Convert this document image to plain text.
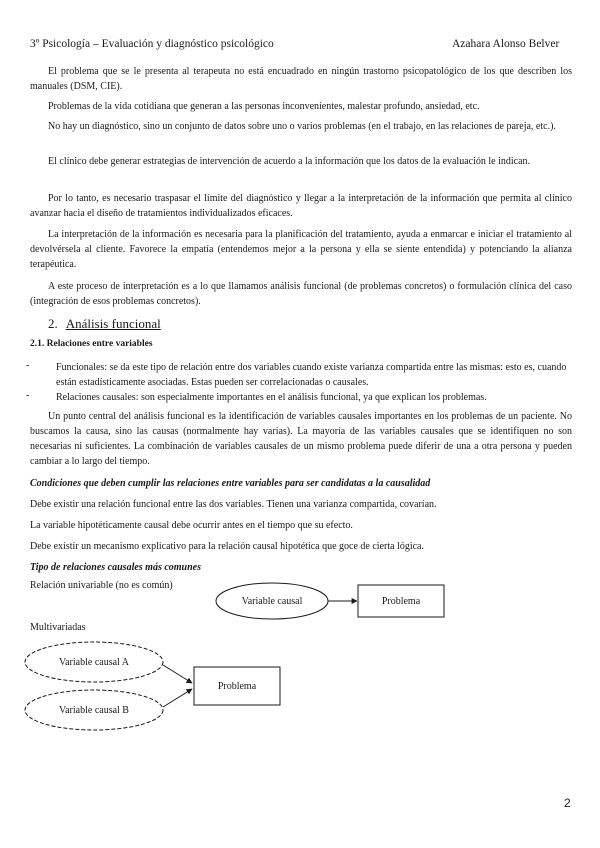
3º Psicología – Evaluación y diagnóstico psicológico	Azahara Alonso Belver

El problema que se le presenta al terapeuta no está encuadrado en ningún trastorno psicopatológico de los que describen los manuales (DSM, CIE).

Problemas de la vida cotidiana que generan a las personas inconvenientes, malestar profundo, ansiedad, etc.

No hay un diagnóstico, sino un conjunto de datos sobre uno o varios problemas (en el trabajo, en las relaciones de pareja, etc.).

El clínico debe generar estrategias de intervención de acuerdo a la información que los datos de la evaluación le indican.

Por lo tanto, es necesario traspasar el límite del diagnóstico y llegar a la interpretación de la información que permita al clínico avanzar hacia el diseño de tratamientos individualizados eficaces.

La interpretación de la información es necesaria para la planificación del tratamiento, ayuda a enmarcar e iniciar el tratamiento al devolvérsela al cliente. Favorece la empatía (entendemos mejor a la persona y ella se siente entendida) y potenciando la alianza terapéutica.

A este proceso de interpretación es a lo que llamamos análisis funcional (de problemas concretos) o formulación clínica del caso (integración de esos problemas concretos).

2. Análisis funcional
2.1. Relaciones entre variables
-	Funcionales: se da este tipo de relación entre dos variables cuando existe varianza compartida entre las mismas: esto es, cuando están estadísticamente asociadas. Estas pueden ser correlacionadas o causales.

-	Relaciones causales: son especialmente importantes en el análisis funcional, ya que explican los problemas.

Un punto central del análisis funcional es la identificación de variables causales importantes en los problemas de un paciente. No buscamos la causa, sino las causas (normalmente hay varias). La mayoría de las variables causales que se identifiquen no son necesarias ni suficientes. La combinación de variables causales de un mismo problema puede diferir de una a otra persona y pueden cambiar a lo largo del tiempo.

Condiciones que deben cumplir las relaciones entre variables para ser candidatas a la causalidad
Debe existir una relación funcional entre las dos variables. Tienen una varianza compartida, covarían.
La variable hipotéticamente causal debe ocurrir antes en el tiempo que su efecto.
Debe existir un mecanismo explicativo para la relación causal hipotética que goce de cierta lógica.
Tipo de relaciones causales más comunes
Relación univariable (no es común)
Multivariadas
Variable causal	Problema
Variable causal A
Variable causal B
Problema
2
